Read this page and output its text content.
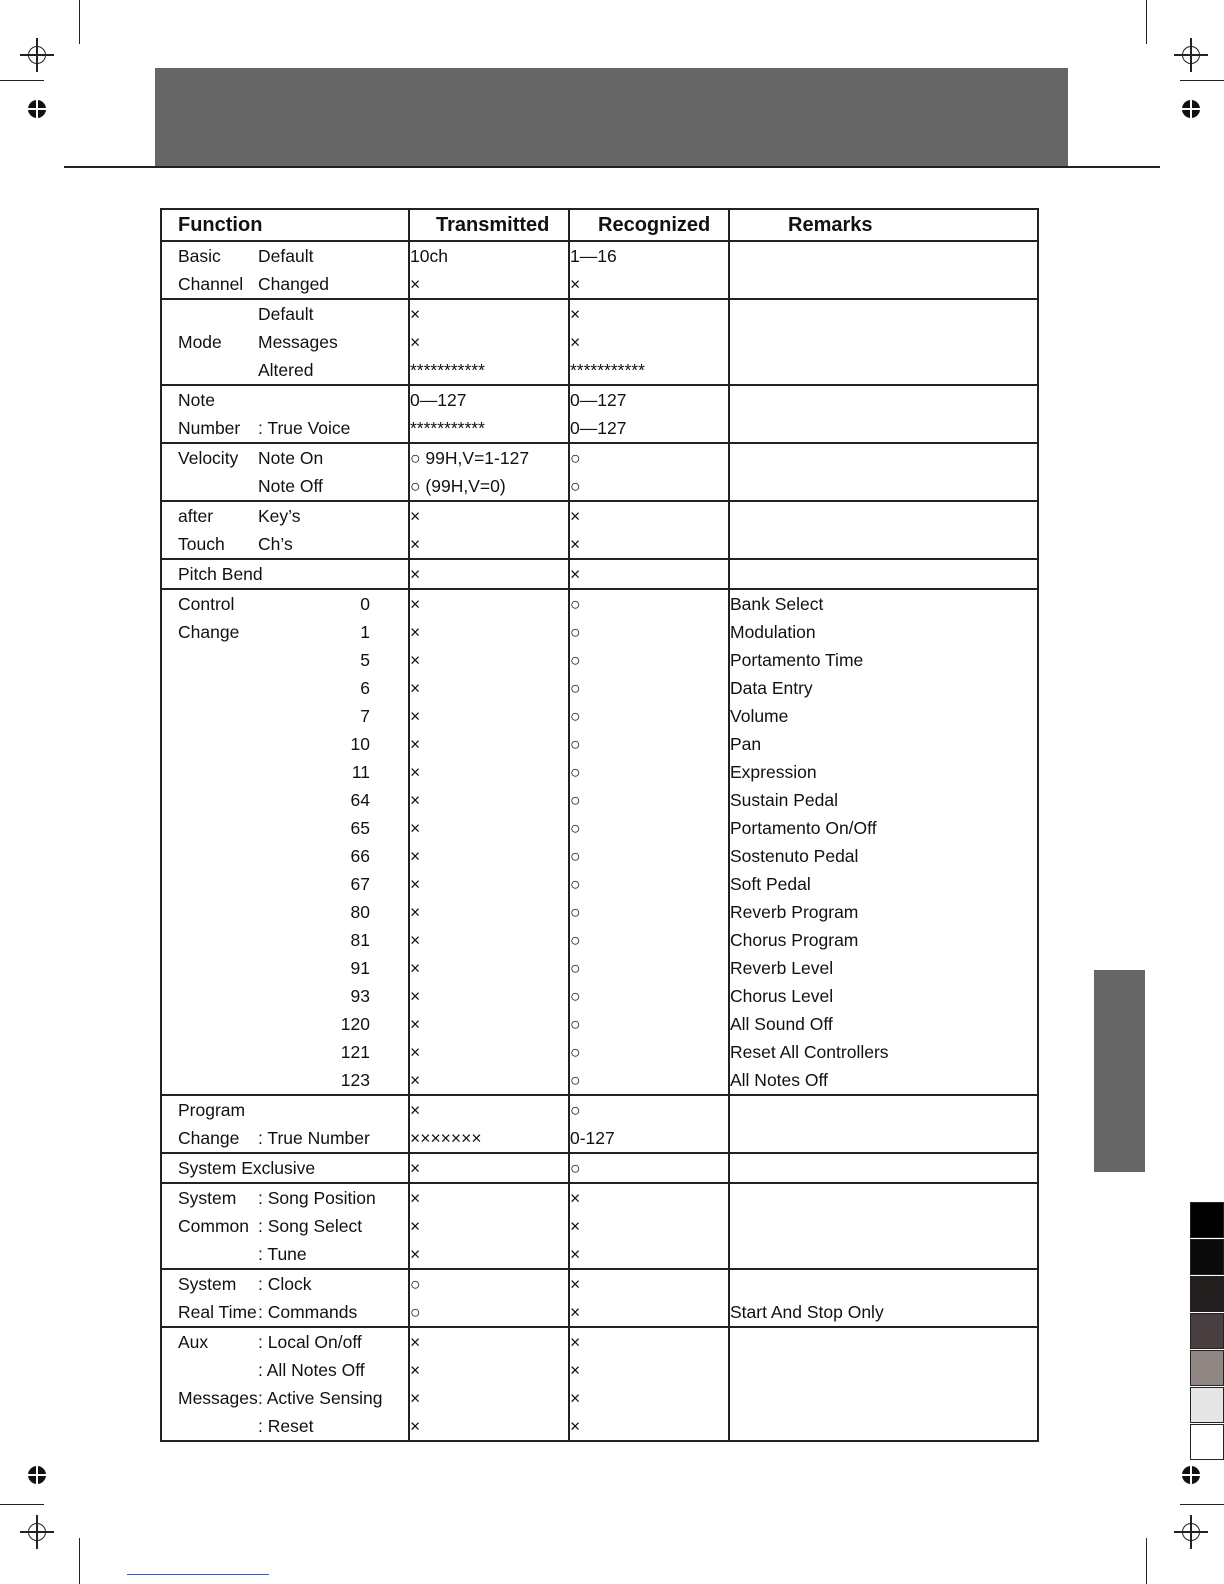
Function	Transmitted	Recognized	Remarks

Basic Default	10ch	1—16	

Channel Changed	×	×	

Default	×	×	

Mode Messages	×	×	

Altered	***********	***********	

Note	0—127	0—127	

Number : True Voice	***********	0—127	

Velocity Note On	○ 99H,V=1-127	○	

Note Off	○ (99H,V=0)	○	

after Key’s	×	×	

Touch Ch’s	×	×	

Pitch Bend	×	×	

Control 0	×	○	Bank Select

Change 1	×	○	Modulation

5	×	○	Portamento Time

6	×	○	Data Entry

7	×	○	Volume

10	×	○	Pan

11	×	○	Expression

64	×	○	Sustain Pedal

65	×	○	Portamento On/Off

66	×	○	Sostenuto Pedal

67	×	○	Soft Pedal

80	×	○	Reverb Program

81	×	○	Chorus Program

91	×	○	Reverb Level

93	×	○	Chorus Level

120	×	○	All Sound Off

121	×	○	Reset All Controllers

123	×	○	All Notes Off

Program	×	○	

Change : True Number	×××××××	0-127	

System Exclusive	×	○	

System : Song Position	×	×	

Common : Song Select	×	×	

: Tune	×	×	

System : Clock	○	×	

Real Time : Commands	○	×	Start And Stop Only

Aux : Local On/off	×	×	

: All Notes Off	×	×	

Messages : Active Sensing	×	×	

: Reset	×	×	
